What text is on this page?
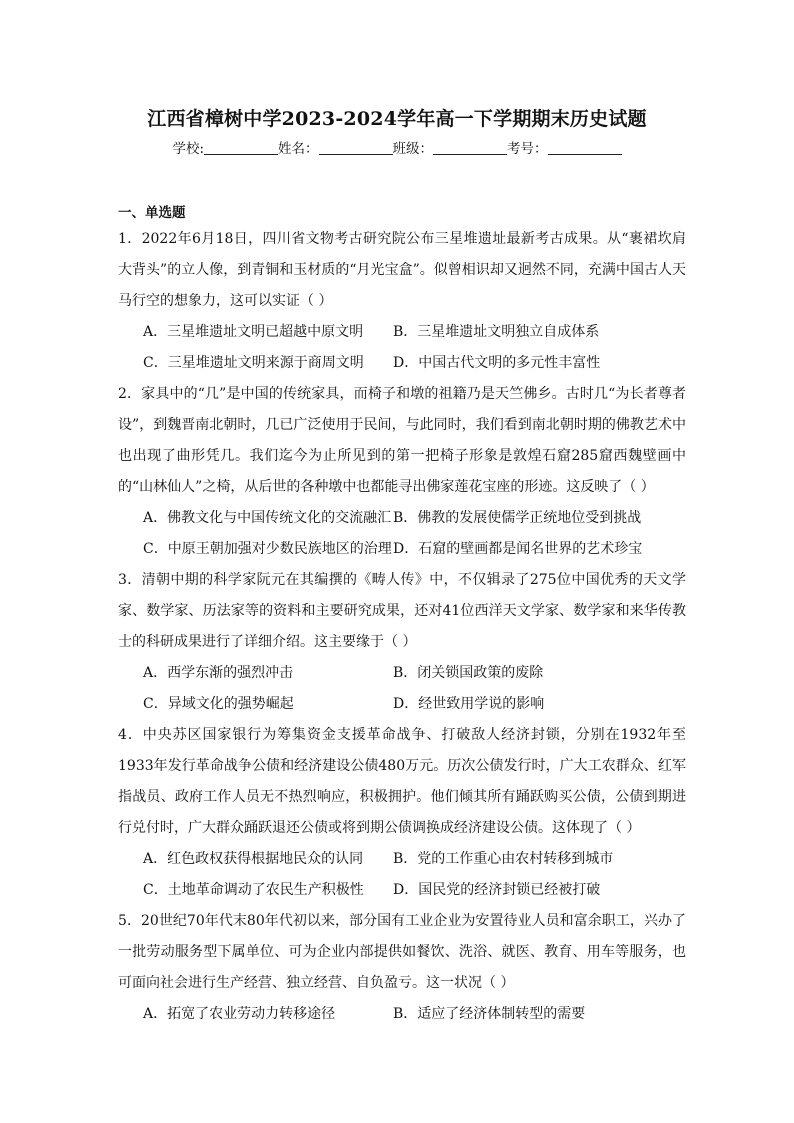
江西省樟树中学2023-2024学年高一下学期期末历史试题
学校:	姓名：	班级：	考号：
一、单选题
1．2022年6月18日，四川省文物考古研究院公布三星堆遗址最新考古成果。从“裹裙坎肩大背头”的立人像，到青铜和玉材质的“月光宝盒”。似曾相识却又迥然不同，充满中国古人天马行空的想象力，这可以实证（ ）
A．三星堆遗址文明已超越中原文明	B．三星堆遗址文明独立自成体系
C．三星堆遗址文明来源于商周文明	D．中国古代文明的多元性丰富性
2．家具中的“几”是中国的传统家具，而椅子和墩的祖籍乃是天竺佛乡。古时几“为长者尊者设”，到魏晋南北朝时，几已广泛使用于民间，与此同时，我们看到南北朝时期的佛教艺术中也出现了曲形凭几。我们迄今为止所见到的第一把椅子形象是敦煌石窟285窟西魏壁画中的“山林仙人”之椅，从后世的各种墩中也都能寻出佛家莲花宝座的形迹。这反映了（ ）
A．佛教文化与中国传统文化的交流融汇 B．佛教的发展使儒学正统地位受到挑战
C．中原王朝加强对少数民族地区的治理 D．石窟的壁画都是闻名世界的艺术珍宝
3．清朝中期的科学家阮元在其编撰的《畴人传》中，不仅辑录了275位中国优秀的天文学家、数学家、历法家等的资料和主要研究成果，还对41位西洋天文学家、数学家和来华传教士的科研成果进行了详细介绍。这主要缘于（ ）
A．西学东渐的强烈冲击	B．闭关锁国政策的废除
C．异域文化的强势崛起	D．经世致用学说的影响
4．中央苏区国家银行为筹集资金支援革命战争、打破敌人经济封锁，分别在1932年至1933年发行革命战争公债和经济建设公债480万元。历次公债发行时，广大工农群众、红军指战员、政府工作人员无不热烈响应，积极拥护。他们倾其所有踊跃购买公债，公债到期进行兑付时，广大群众踊跃退还公债或将到期公债调换成经济建设公债。这体现了（ ）
A．红色政权获得根据地民众的认同	B．党的工作重心由农村转移到城市
C．土地革命调动了农民生产积极性	D．国民党的经济封锁已经被打破
5．20世纪70年代末80年代初以来，部分国有工业企业为安置待业人员和富余职工，兴办了一批劳动服务型下属单位、可为企业内部提供如餐饮、洗浴、就医、教育、用车等服务，也可面向社会进行生产经营、独立经营、自负盈亏。这一状况（ ）
A．拓宽了农业劳动力转移途径	B．适应了经济体制转型的需要
